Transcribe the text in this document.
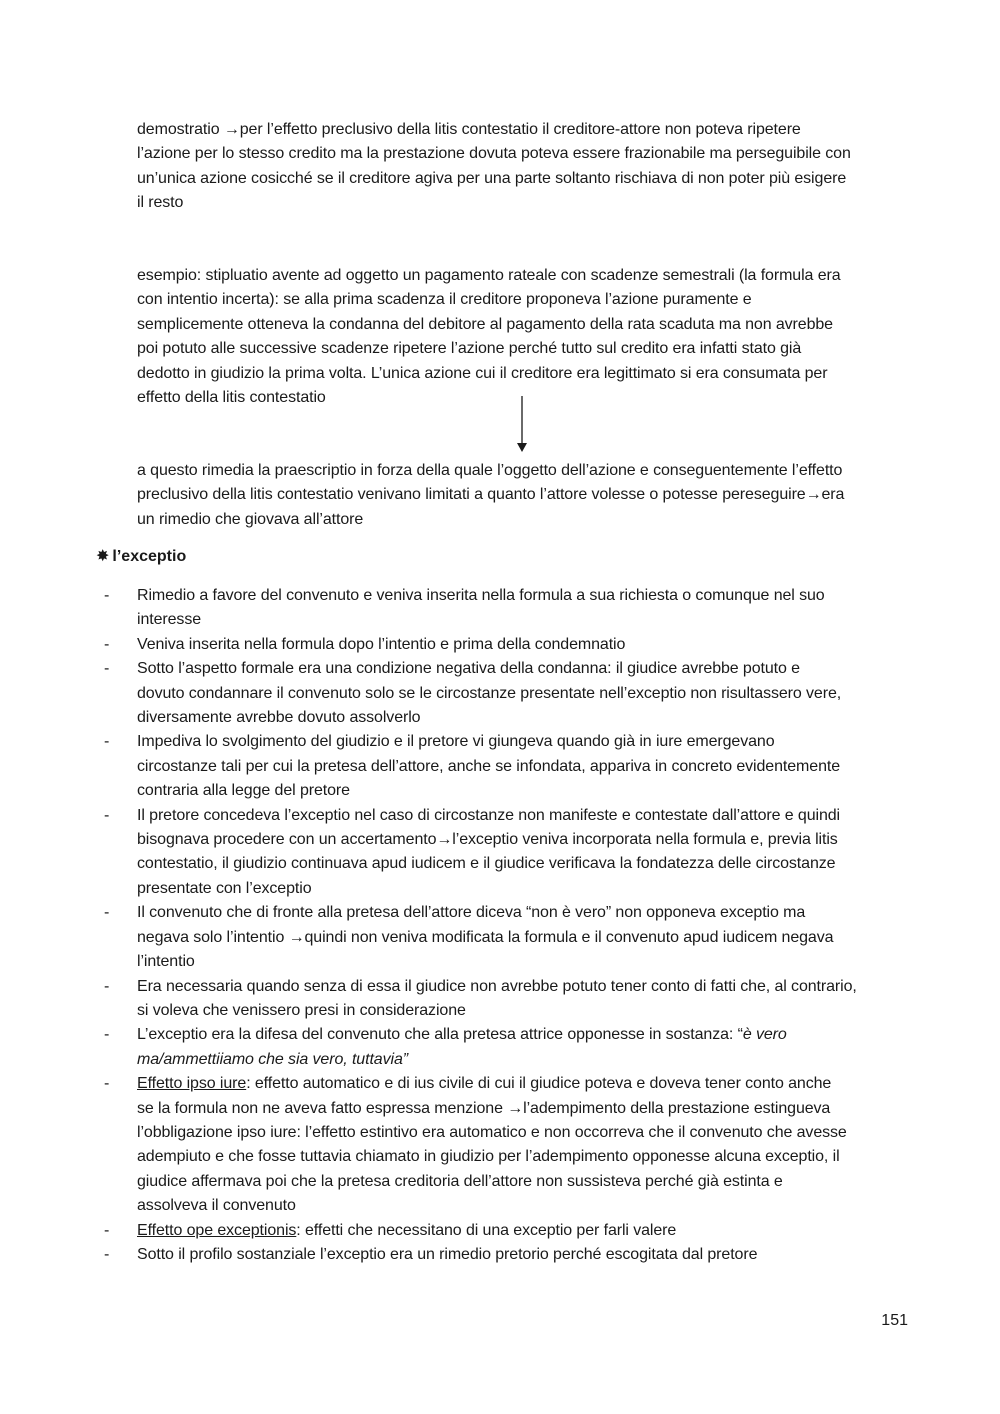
demostratio →per l’effetto preclusivo della litis contestatio il creditore-attore non poteva ripetere
l’azione per lo stesso credito ma la prestazione dovuta poteva essere frazionabile ma perseguibile con
un’unica azione cosicché se il creditore agiva per una parte soltanto rischiava di non poter più esigere
il resto
esempio: stipluatio avente ad oggetto un pagamento rateale con scadenze semestrali (la formula era
con intentio incerta): se alla prima scadenza il creditore proponeva l’azione puramente e
semplicemente otteneva la condanna del debitore al pagamento della rata scaduta ma non avrebbe
poi potuto alle successive scadenze ripetere l’azione perché tutto sul credito era infatti stato già
dedotto in giudizio la prima volta. L’unica azione cui il creditore era legittimato si era consumata per
effetto della litis contestatio
a questo rimedia la praescriptio in forza della quale l’oggetto dell’azione e conseguentemente l’effetto
preclusivo della litis contestatio venivano limitati a quanto l’attore volesse o potesse pereseguire→era
un rimedio che giovava all’attore
✸ l’exceptio
- Rimedio a favore del convenuto e veniva inserita nella formula a sua richiesta o comunque nel suo
interesse
- Veniva inserita nella formula dopo l’intentio e prima della condemnatio
- Sotto l’aspetto formale era una condizione negativa della condanna: il giudice avrebbe potuto e
dovuto condannare il convenuto solo se le circostanze presentate nell’exceptio non risultassero vere,
diversamente avrebbe dovuto assolverlo
- Impediva lo svolgimento del giudizio e il pretore vi giungeva quando già in iure emergevano
circostanze tali per cui la pretesa dell’attore, anche se infondata, appariva in concreto evidentemente
contraria alla legge del pretore
- Il pretore concedeva l’exceptio nel caso di circostanze non manifeste e contestate dall’attore e quindi
bisognava procedere con un accertamento→l’exceptio veniva incorporata nella formula e, previa litis
contestatio, il giudizio continuava apud iudicem e il giudice verificava la fondatezza delle circostanze
presentate con l’exceptio
- Il convenuto che di fronte alla pretesa dell’attore diceva “non è vero” non opponeva exceptio ma
negava solo l’intentio →quindi non veniva modificata la formula e il convenuto apud iudicem negava
l’intentio
- Era necessaria quando senza di essa il giudice non avrebbe potuto tener conto di fatti che, al contrario,
si voleva che venissero presi in considerazione
- L’exceptio era la difesa del convenuto che alla pretesa attrice opponesse in sostanza: “è vero
ma/ammettiiamo che sia vero, tuttavia”
- Effetto ipso iure: effetto automatico e di ius civile di cui il giudice poteva e doveva tener conto anche
se la formula non ne aveva fatto espressa menzione →l’adempimento della prestazione estingueva
l’obbligazione ipso iure: l’effetto estintivo era automatico e non occorreva che il convenuto che avesse
adempiuto e che fosse tuttavia chiamato in giudizio per l’adempimento opponesse alcuna exceptio, il
giudice affermava poi che la pretesa creditoria dell’attore non sussisteva perché già estinta e
assolveva il convenuto
- Effetto ope exceptionis: effetti che necessitano di una exceptio per farli valere
- Sotto il profilo sostanziale l’exceptio era un rimedio pretorio perché escogitata dal pretore
151
